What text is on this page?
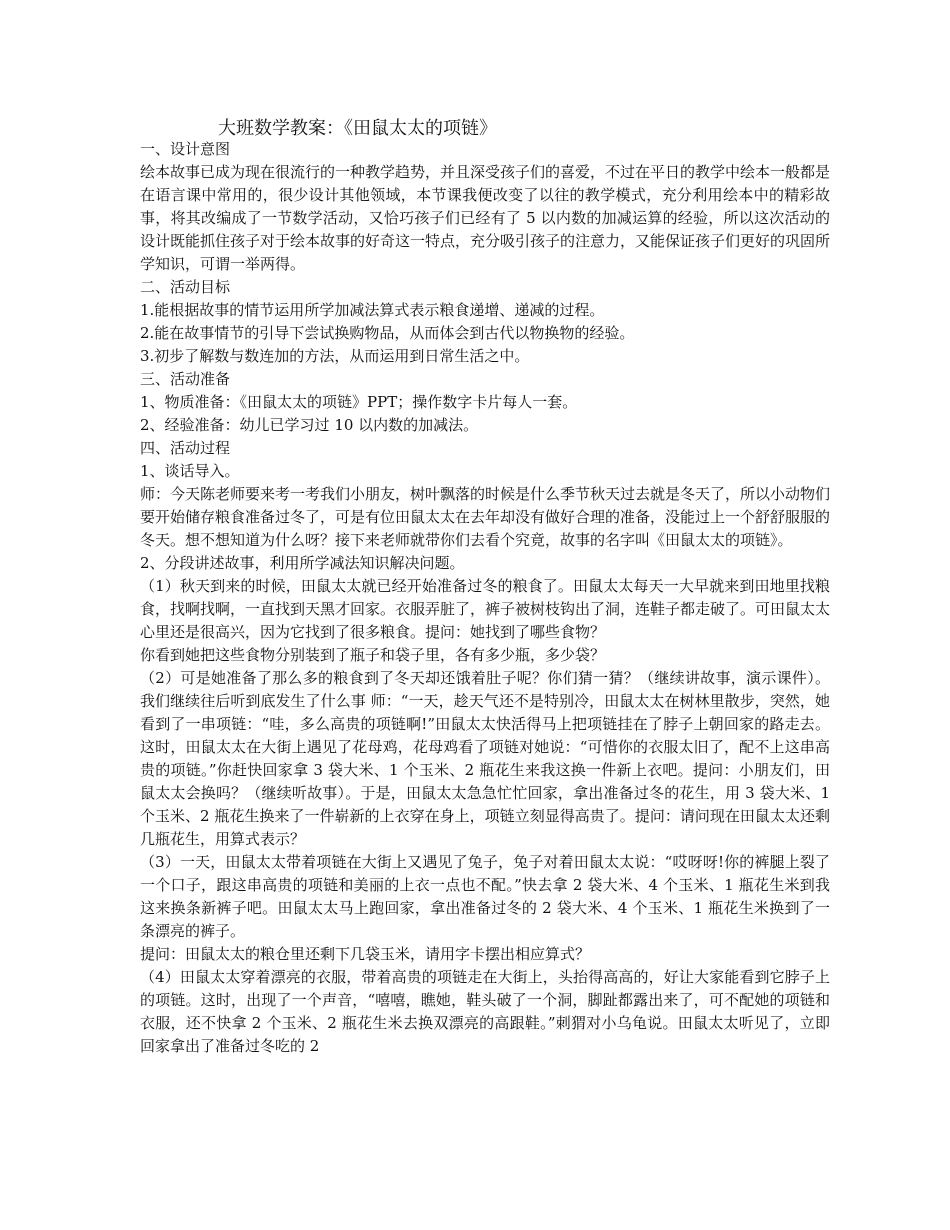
大班数学教案：《田鼠太太的项链》

一、设计意图

绘本故事已成为现在很流行的一种教学趋势，并且深受孩子们的喜爱，不过在平日的教学中绘本一般都是在语言课中常用的，很少设计其他领域，本节课我便改变了以往的教学模式，充分利用绘本中的精彩故事，将其改编成了一节数学活动，又恰巧孩子们已经有了 5 以内数的加减运算的经验，所以这次活动的设计既能抓住孩子对于绘本故事的好奇这一特点，充分吸引孩子的注意力，又能保证孩子们更好的巩固所学知识，可谓一举两得。

二、活动目标

1.能根据故事的情节运用所学加减法算式表示粮食递增、递减的过程。

2.能在故事情节的引导下尝试换购物品，从而体会到古代以物换物的经验。

3.初步了解数与数连加的方法，从而运用到日常生活之中。

三、活动准备

1、物质准备：《田鼠太太的项链》PPT；操作数字卡片每人一套。

2、经验准备：幼儿已学习过 10 以内数的加减法。

四、活动过程

1、谈话导入。

师：今天陈老师要来考一考我们小朋友，树叶飘落的时候是什么季节秋天过去就是冬天了，所以小动物们要开始储存粮食准备过冬了，可是有位田鼠太太在去年却没有做好合理的准备，没能过上一个舒舒服服的冬天。想不想知道为什么呀？接下来老师就带你们去看个究竟，故事的名字叫《田鼠太太的项链》。

2、分段讲述故事，利用所学减法知识解决问题。

（1）秋天到来的时候，田鼠太太就已经开始准备过冬的粮食了。田鼠太太每天一大早就来到田地里找粮食，找啊找啊，一直找到天黑才回家。衣服弄脏了，裤子被树枝钩出了洞，连鞋子都走破了。可田鼠太太心里还是很高兴，因为它找到了很多粮食。提问：她找到了哪些食物？

你看到她把这些食物分别装到了瓶子和袋子里，各有多少瓶，多少袋？

（2）可是她准备了那么多的粮食到了冬天却还饿着肚子呢？你们猜一猜？（继续讲故事，演示课件）。我们继续往后听到底发生了什么事 师：“一天，趁天气还不是特别冷，田鼠太太在树林里散步，突然，她看到了一串项链：“哇，多么高贵的项链啊!”田鼠太太快活得马上把项链挂在了脖子上朝回家的路走去。这时，田鼠太太在大街上遇见了花母鸡，花母鸡看了项链对她说：“可惜你的衣服太旧了，配不上这串高贵的项链。”你赶快回家拿 3 袋大米、1 个玉米、2 瓶花生来我这换一件新上衣吧。提问：小朋友们，田鼠太太会换吗？（继续听故事）。于是，田鼠太太急急忙忙回家，拿出准备过冬的花生，用 3 袋大米、1 个玉米、2 瓶花生换来了一件崭新的上衣穿在身上，项链立刻显得高贵了。提问：请问现在田鼠太太还剩几瓶花生，用算式表示？

（3）一天，田鼠太太带着项链在大街上又遇见了兔子，兔子对着田鼠太太说：“哎呀呀!你的裤腿上裂了一个口子，跟这串高贵的项链和美丽的上衣一点也不配。”快去拿 2 袋大米、4 个玉米、1 瓶花生米到我这来换条新裤子吧。田鼠太太马上跑回家，拿出准备过冬的 2 袋大米、4 个玉米、1 瓶花生米换到了一条漂亮的裤子。

提问：田鼠太太的粮仓里还剩下几袋玉米，请用字卡摆出相应算式？

（4）田鼠太太穿着漂亮的衣服，带着高贵的项链走在大街上，头抬得高高的，好让大家能看到它脖子上的项链。这时，出现了一个声音，“嘻嘻，瞧她，鞋头破了一个洞，脚趾都露出来了，可不配她的项链和衣服，还不快拿 2 个玉米、2 瓶花生米去换双漂亮的高跟鞋。”刺猬对小乌龟说。田鼠太太听见了，立即回家拿出了准备过冬吃的 2
